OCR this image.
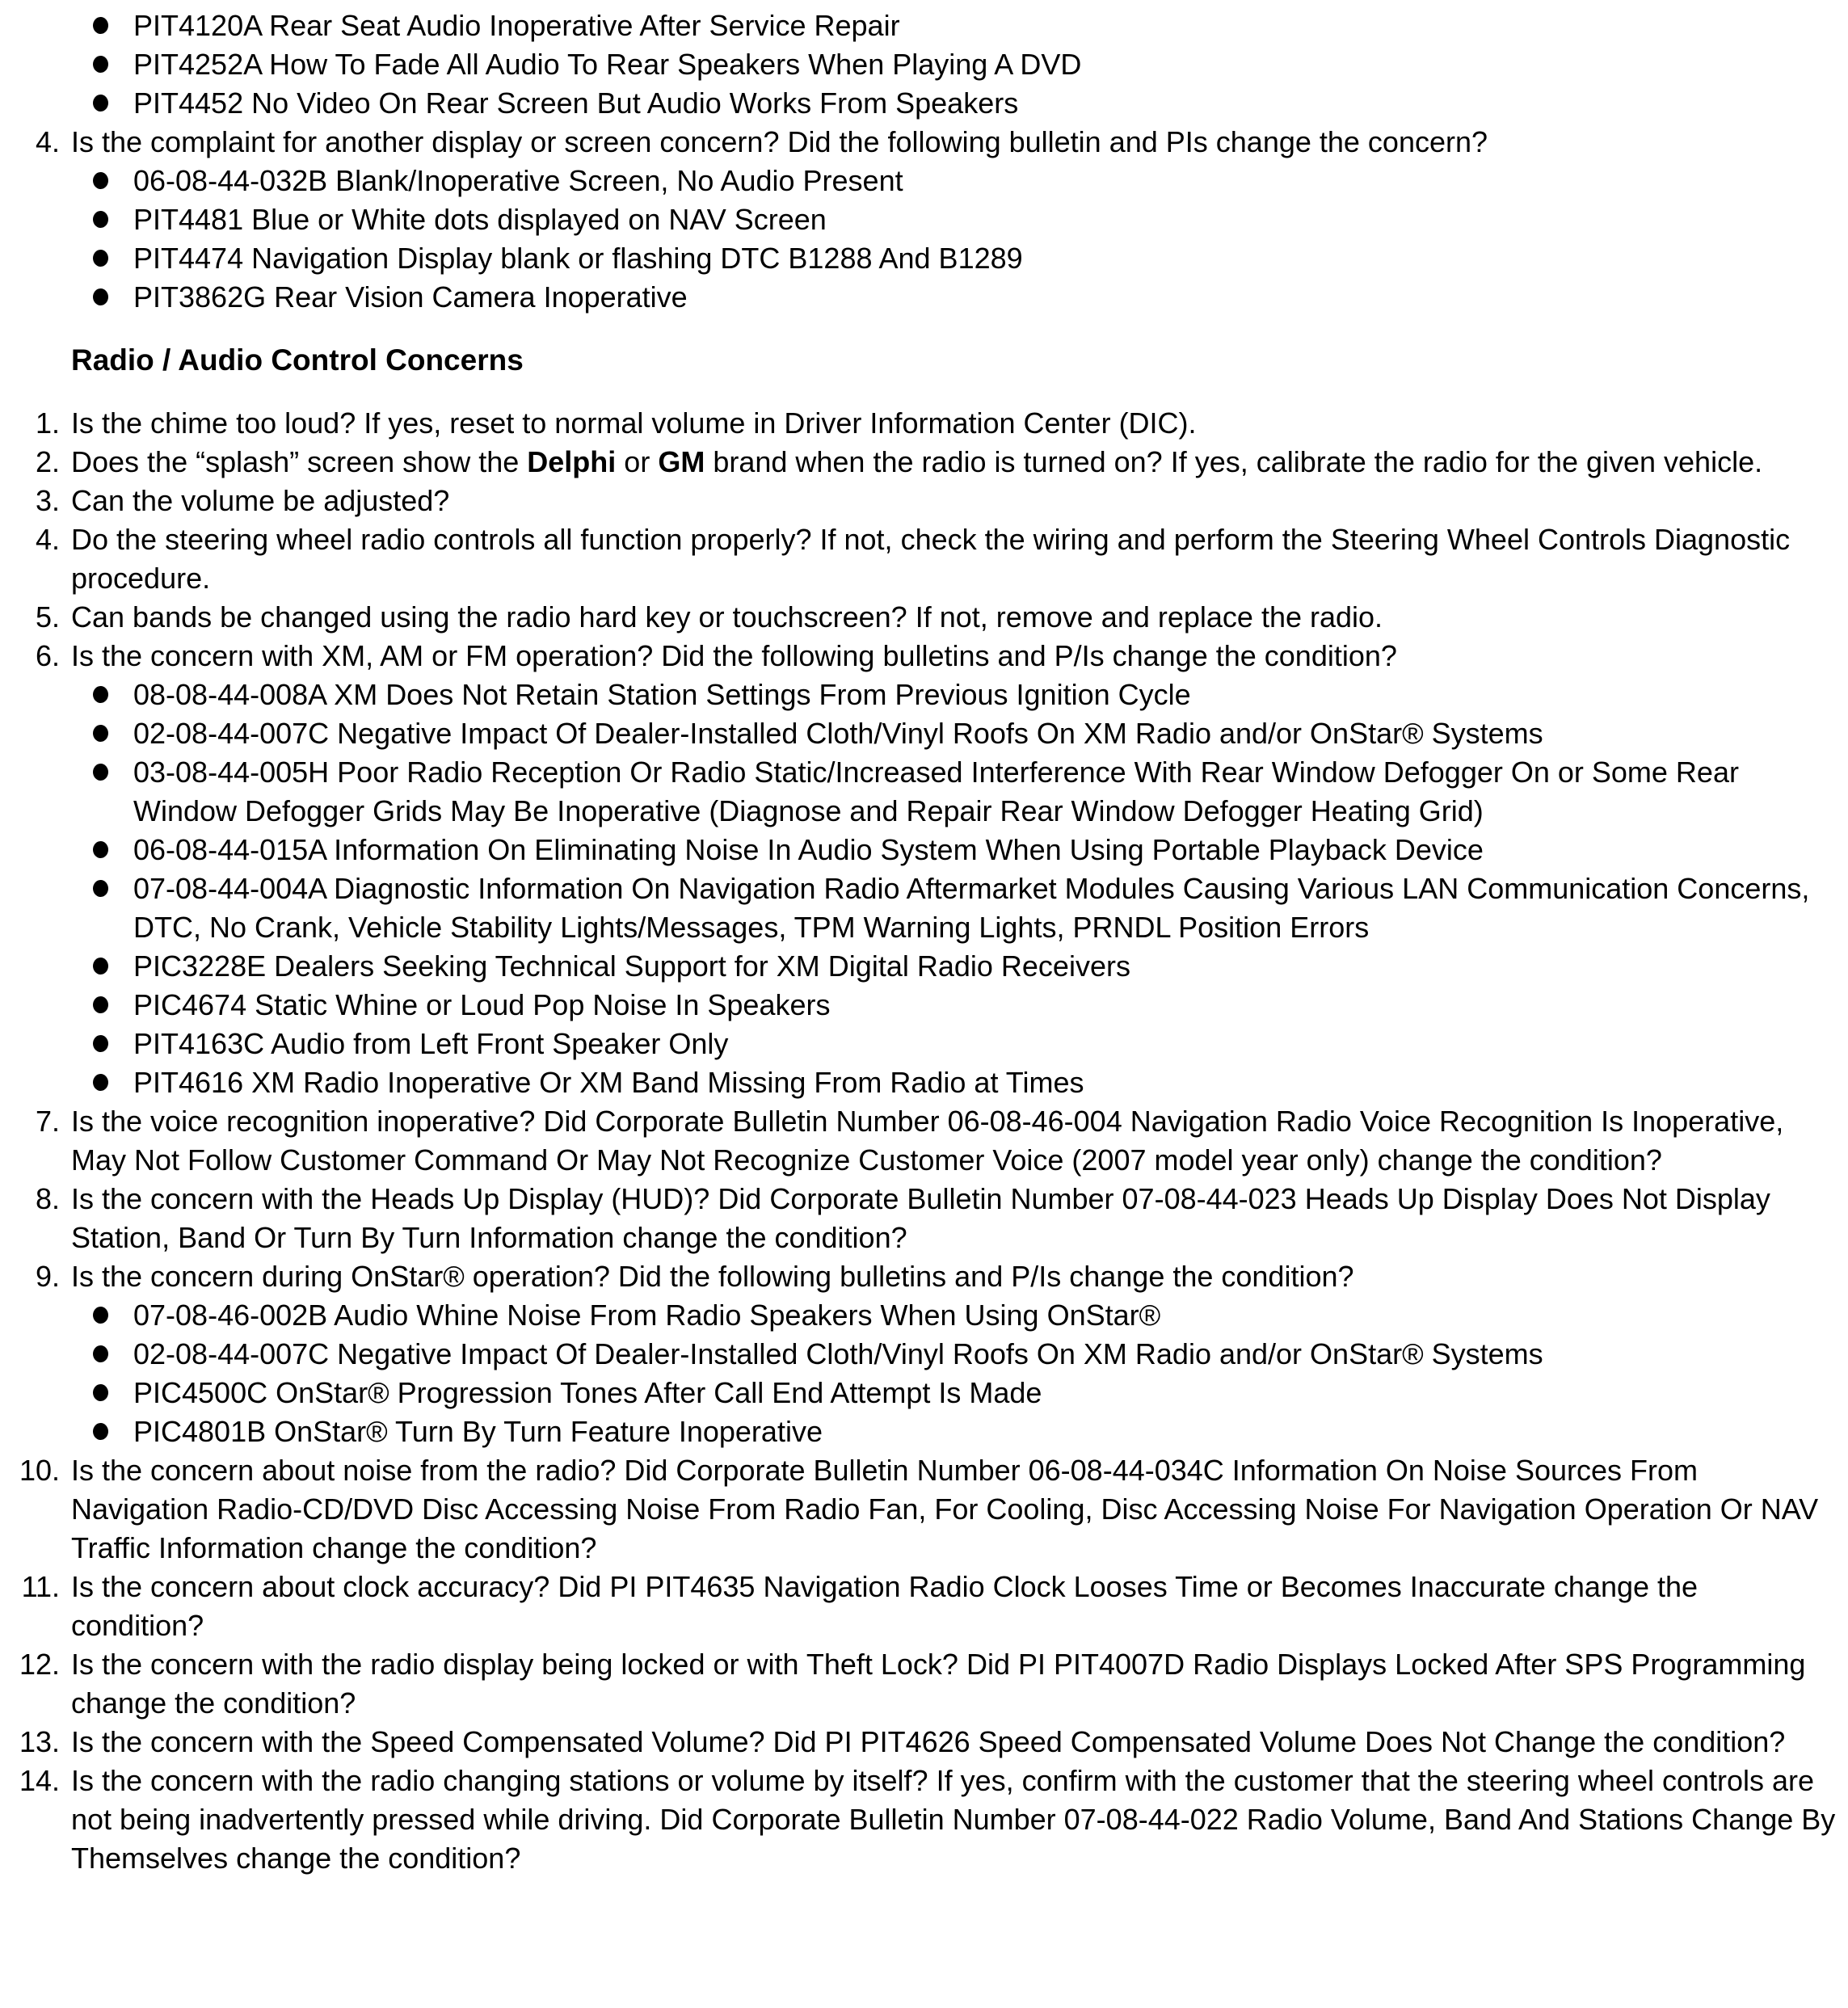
PIT4120A Rear Seat Audio Inoperative After Service Repair
PIT4252A How To Fade All Audio To Rear Speakers When Playing A DVD
PIT4452 No Video On Rear Screen But Audio Works From Speakers
4. Is the complaint for another display or screen concern? Did the following bulletin and PIs change the concern?
06-08-44-032B Blank/Inoperative Screen, No Audio Present
PIT4481 Blue or White dots displayed on NAV Screen
PIT4474 Navigation Display blank or flashing DTC B1288 And B1289
PIT3862G Rear Vision Camera Inoperative
Radio / Audio Control Concerns
1. Is the chime too loud? If yes, reset to normal volume in Driver Information Center (DIC).
2. Does the “splash” screen show the Delphi or GM brand when the radio is turned on? If yes, calibrate the radio for the given vehicle.
3. Can the volume be adjusted?
4. Do the steering wheel radio controls all function properly? If not, check the wiring and perform the Steering Wheel Controls Diagnostic procedure.
5. Can bands be changed using the radio hard key or touchscreen? If not, remove and replace the radio.
6. Is the concern with XM, AM or FM operation? Did the following bulletins and P/Is change the condition?
08-08-44-008A XM Does Not Retain Station Settings From Previous Ignition Cycle
02-08-44-007C Negative Impact Of Dealer-Installed Cloth/Vinyl Roofs On XM Radio and/or OnStar® Systems
03-08-44-005H Poor Radio Reception Or Radio Static/Increased Interference With Rear Window Defogger On or Some Rear Window Defogger Grids May Be Inoperative (Diagnose and Repair Rear Window Defogger Heating Grid)
06-08-44-015A Information On Eliminating Noise In Audio System When Using Portable Playback Device
07-08-44-004A Diagnostic Information On Navigation Radio Aftermarket Modules Causing Various LAN Communication Concerns, DTC, No Crank, Vehicle Stability Lights/Messages, TPM Warning Lights, PRNDL Position Errors
PIC3228E Dealers Seeking Technical Support for XM Digital Radio Receivers
PIC4674 Static Whine or Loud Pop Noise In Speakers
PIT4163C Audio from Left Front Speaker Only
PIT4616 XM Radio Inoperative Or XM Band Missing From Radio at Times
7. Is the voice recognition inoperative? Did Corporate Bulletin Number 06-08-46-004 Navigation Radio Voice Recognition Is Inoperative, May Not Follow Customer Command Or May Not Recognize Customer Voice (2007 model year only) change the condition?
8. Is the concern with the Heads Up Display (HUD)? Did Corporate Bulletin Number 07-08-44-023 Heads Up Display Does Not Display Station, Band Or Turn By Turn Information change the condition?
9. Is the concern during OnStar® operation? Did the following bulletins and P/Is change the condition?
07-08-46-002B Audio Whine Noise From Radio Speakers When Using OnStar®
02-08-44-007C Negative Impact Of Dealer-Installed Cloth/Vinyl Roofs On XM Radio and/or OnStar® Systems
PIC4500C OnStar® Progression Tones After Call End Attempt Is Made
PIC4801B OnStar® Turn By Turn Feature Inoperative
10. Is the concern about noise from the radio? Did Corporate Bulletin Number 06-08-44-034C Information On Noise Sources From Navigation Radio-CD/DVD Disc Accessing Noise From Radio Fan, For Cooling, Disc Accessing Noise For Navigation Operation Or NAV Traffic Information change the condition?
11. Is the concern about clock accuracy? Did PI PIT4635 Navigation Radio Clock Looses Time or Becomes Inaccurate change the condition?
12. Is the concern with the radio display being locked or with Theft Lock? Did PI PIT4007D Radio Displays Locked After SPS Programming change the condition?
13. Is the concern with the Speed Compensated Volume? Did PI PIT4626 Speed Compensated Volume Does Not Change the condition?
14. Is the concern with the radio changing stations or volume by itself? If yes, confirm with the customer that the steering wheel controls are not being inadvertently pressed while driving. Did Corporate Bulletin Number 07-08-44-022 Radio Volume, Band And Stations Change By Themselves change the condition?
